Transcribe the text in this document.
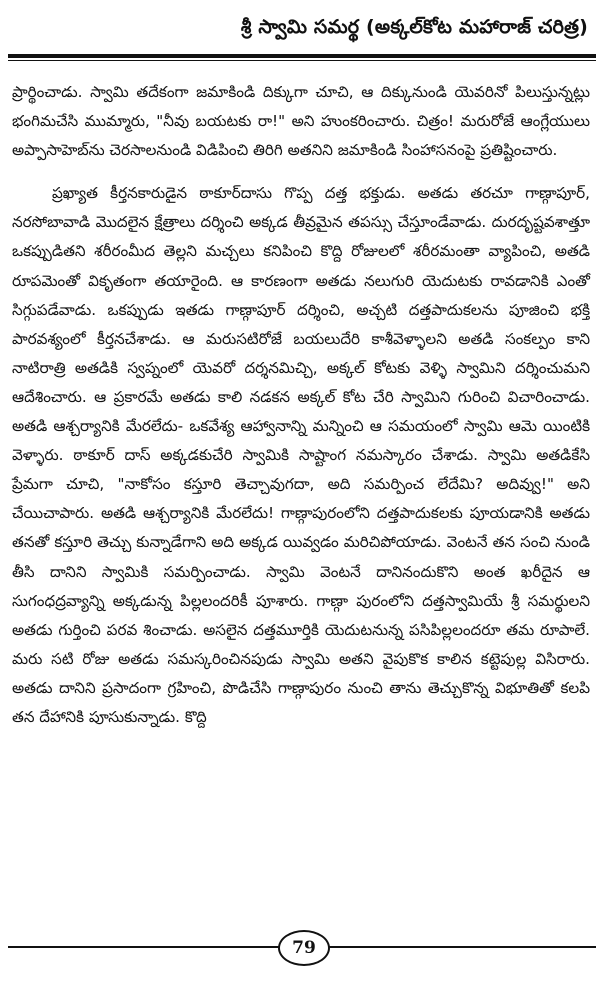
శ్రీ స్వామి సమర్థ (అక్కల్‌కోట మహారాజ్ చరిత్ర)

ప్రార్థించాడు. స్వామి తదేకంగా జమాకిండి దిక్కుగా చూచి, ఆ దిక్కునుండి యెవరినో పిలుస్తున్నట్లు భంగిమచేసి ముమ్మారు, "నీవు బయటకు రా!" అని హుంకరించారు. చిత్రం! మరురోజే ఆంగ్లేయులు అప్పాసాహెబ్‌ను చెరసాలనుండి విడిపించి తిరిగి అతనిని జమాకిండి సింహాసనంపై ప్రతిష్టించారు.

ప్రఖ్యాత కీర్తనకారుడైన ఠాకూర్‌దాసు గొప్ప దత్త భక్తుడు. అతడు తరచూ గాణ్గాపూర్, నరసోబావాడి మొదలైన క్షేత్రాలు దర్శించి అక్కడ తీవ్రమైన తపస్సు చేస్తూండేవాడు. దురదృష్టవశాత్తూ ఒకప్పుడితని శరీరంమీద తెల్లని మచ్చలు కనిపించి కొద్ది రోజులలో శరీరమంతా వ్యాపించి, అతడి రూపమెంతో వికృతంగా తయారైంది. ఆ కారణంగా అతడు నలుగురి యెదుటకు రావడానికి ఎంతో సిగ్గుపడేవాడు. ఒకప్పుడు ఇతడు గాణ్గాపూర్ దర్శించి, అచ్చటి దత్తపాదుకలను పూజించి భక్తి పారవశ్యంలో కీర్తనచేశాడు. ఆ మరుసటిరోజే బయలుదేరి కాశీవెళ్ళాలని అతడి సంకల్పం కాని నాటిరాత్రి అతడికి స్వప్నంలో యెవరో దర్శనమిచ్చి, అక్కల్ కోటకు వెళ్ళి స్వామిని దర్శించుమని ఆదేశించారు. ఆ ప్రకారమే అతడు కాలి నడకన అక్కల్ కోట చేరి స్వామిని గురించి విచారించాడు. అతడి ఆశ్చర్యానికి మేరలేదు- ఒకవేశ్య ఆహ్వానాన్ని మన్నించి ఆ సమయంలో స్వామి ఆమె యింటికి వెళ్ళారు. ఠాకూర్ దాస్ అక్కడకుచేరి స్వామికి సాష్టాంగ నమస్కారం చేశాడు. స్వామి అతడికేసి ప్రేమగా చూచి, "నాకోసం కస్తూరి తెచ్చావుగదా, అది సమర్పించ లేదేమి? అదివ్వు!" అని చేయిచాపారు. అతడి ఆశ్చర్యానికి మేరలేదు! గాణ్గాపురంలోని దత్తపాదుకలకు పూయడానికి అతడు తనతో కస్తూరి తెచ్చు కున్నాడేగాని అది అక్కడ యివ్వడం మరిచిపోయాడు. వెంటనే తన సంచి నుండి తీసి దానిని స్వామికి సమర్పించాడు. స్వామి వెంటనే దానినందుకొని అంత ఖరీదైన ఆ సుగంధద్రవ్యాన్ని అక్కడున్న పిల్లలందరికీ పూశారు. గాణ్గా పురంలోని దత్తస్వామియే శ్రీ సమర్థులని అతడు గుర్తించి పరవ శించాడు. అసలైన దత్తమూర్తికి యెదుటనున్న పసిపిల్లలందరూ తమ రూపాలే. మరు సటి రోజు అతడు సమస్కరించినపుడు స్వామి అతని వైపుకొక కాలిన కట్టెపుల్ల విసిరారు. అతడు దానిని ప్రసాదంగా గ్రహించి, పొడిచేసి గాణ్గాపురం నుంచి తాను తెచ్చుకొన్న విభూతితో కలపి తన దేహానికి పూసుకున్నాడు. కొద్ది

79
